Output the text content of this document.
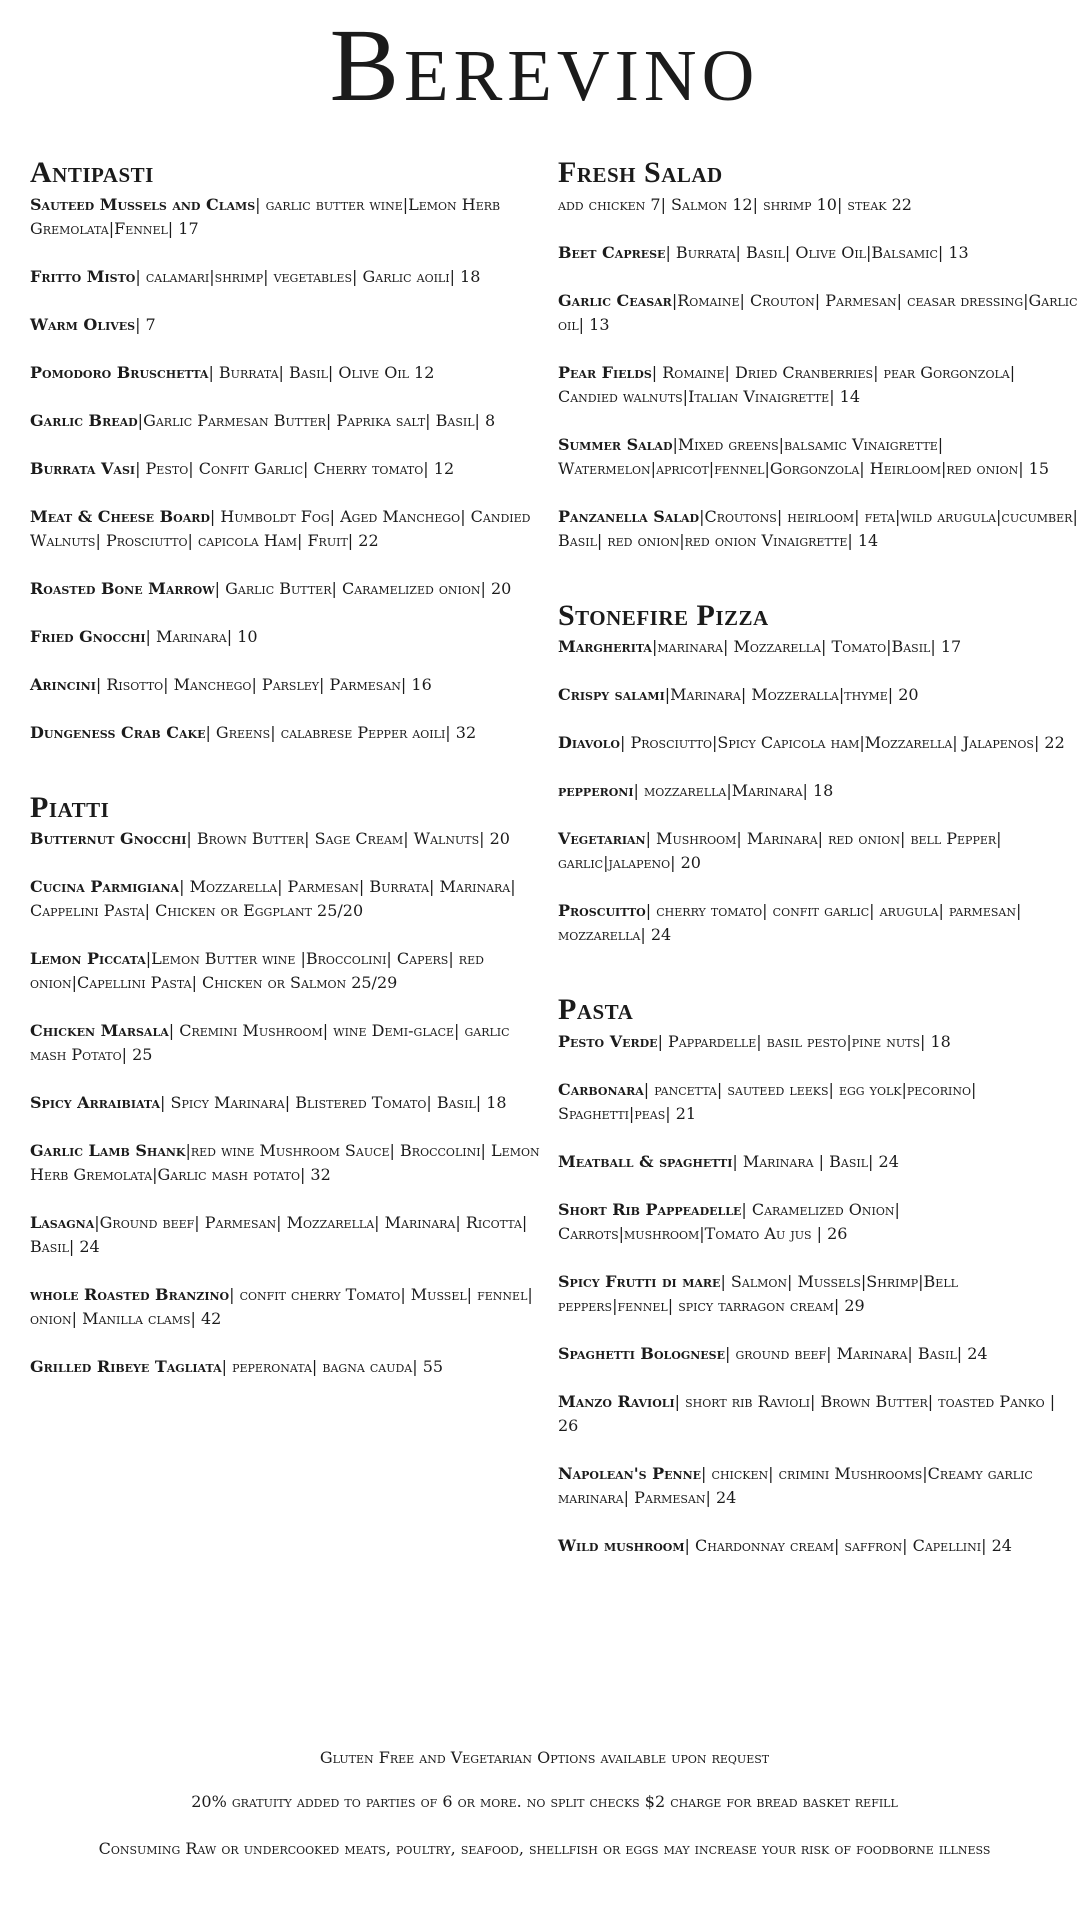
Berevino
Antipasti

Sauteed Mussels and Clams| garlic butter wine|Lemon Herb Gremolata|Fennel| 17

Fritto Misto| calamari|shrimp| vegetables| Garlic aoili| 18

Warm Olives| 7

Pomodoro Bruschetta| Burrata| Basil| Olive Oil 12

Garlic Bread|Garlic Parmesan Butter| Paprika salt| Basil| 8

Burrata Vasi| Pesto| Confit Garlic| Cherry tomato| 12

Meat & Cheese Board| Humboldt Fog| Aged Manchego| Candied Walnuts| Prosciutto| capicola Ham| Fruit| 22

Roasted Bone Marrow| Garlic Butter| Caramelized onion| 20

Fried Gnocchi| Marinara| 10

Arincini| Risotto| Manchego| Parsley| Parmesan| 16

Dungeness Crab Cake| Greens| calabrese Pepper aoili| 32

Piatti

Butternut Gnocchi| Brown Butter| Sage Cream| Walnuts| 20

Cucina Parmigiana| Mozzarella| Parmesan| Burrata| Marinara| Cappelini Pasta| Chicken or Eggplant 25/20

Lemon Piccata|Lemon Butter wine |Broccolini| Capers| red onion|Capellini Pasta| Chicken or Salmon 25/29

Chicken Marsala| Cremini Mushroom| wine Demi-glace| garlic mash Potato| 25

Spicy Arraibiata| Spicy Marinara| Blistered Tomato| Basil| 18

Garlic Lamb Shank|red wine Mushroom Sauce| Broccolini| Lemon Herb Gremolata|Garlic mash potato| 32

Lasagna|Ground beef| Parmesan| Mozzarella| Marinara| Ricotta| Basil| 24

whole Roasted Branzino| confit cherry Tomato| Mussel| fennel| onion| Manilla clams| 42

Grilled Ribeye Tagliata| peperonata| bagna cauda| 55

Fresh Salad
add chicken 7| Salmon 12| shrimp 10| steak 22

Beet Caprese| Burrata| Basil| Olive Oil|Balsamic| 13

Garlic Ceasar|Romaine| Crouton| Parmesan| ceasar dressing|Garlic oil| 13

Pear Fields| Romaine| Dried Cranberries| pear Gorgonzola| Candied walnuts|Italian Vinaigrette| 14

Summer Salad|Mixed greens|balsamic Vinaigrette| Watermelon|apricot|fennel|Gorgonzola| Heirloom|red onion| 15

Panzanella Salad|Croutons| heirloom| feta|wild arugula|cucumber| Basil| red onion|red onion Vinaigrette| 14

Stonefire Pizza

Margherita|marinara| Mozzarella| Tomato|Basil| 17

Crispy salami|Marinara| Mozzeralla|thyme| 20

Diavolo| Prosciutto|Spicy Capicola ham|Mozzarella| Jalapenos| 22

pepperoni| mozzarella|Marinara| 18

Vegetarian| Mushroom| Marinara| red onion| bell Pepper| garlic|jalapeno| 20

Proscuitto| cherry tomato| confit garlic| arugula| parmesan| mozzarella| 24

Pasta

Pesto Verde| Pappardelle| basil pesto|pine nuts| 18

Carbonara| pancetta| sauteed leeks| egg yolk|pecorino| Spaghetti|peas| 21

Meatball & spaghetti| Marinara | Basil| 24

Short Rib Pappeadelle| Caramelized Onion| Carrots|mushroom|Tomato Au jus | 26

Spicy Frutti di mare| Salmon| Mussels|Shrimp|Bell peppers|fennel| spicy tarragon cream| 29

Spaghetti Bolognese| ground beef| Marinara| Basil| 24

Manzo Ravioli| short rib Ravioli| Brown Butter| toasted Panko | 26

Napolean's Penne| chicken| crimini Mushrooms|Creamy garlic marinara| Parmesan| 24

Wild mushroom| Chardonnay cream| saffron| Capellini| 24

Gluten Free and Vegetarian Options available upon request

20% gratuity added to parties of 6 or more. no split checks $2 charge for bread basket refill

Consuming Raw or undercooked meats, poultry, seafood, shellfish or eggs may increase your risk of foodborne illness
